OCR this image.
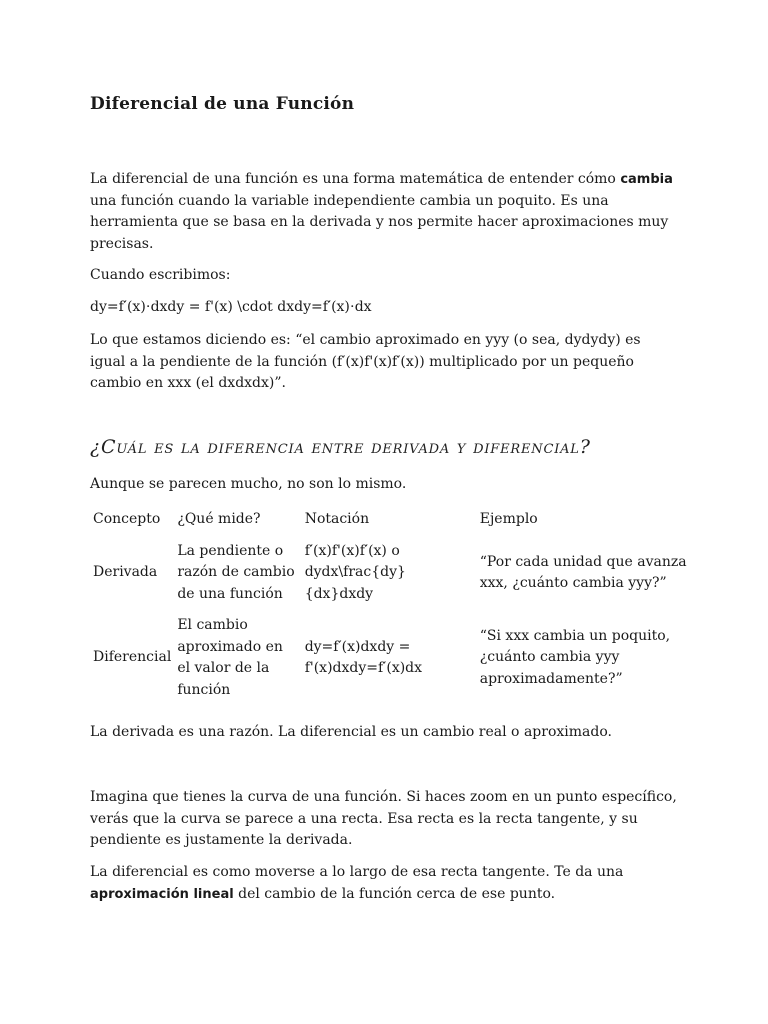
Diferencial de una Función

La diferencial de una función es una forma matemática de entender cómo cambia una función cuando la variable independiente cambia un poquito. Es una herramienta que se basa en la derivada y nos permite hacer aproximaciones muy precisas.

Cuando escribimos:

dy=f′(x)⋅dxdy = f'(x) \cdot dxdy=f′(x)⋅dx

Lo que estamos diciendo es: “el cambio aproximado en yyy (o sea, dydydy) es igual a la pendiente de la función (f′(x)f'(x)f′(x)) multiplicado por un pequeño cambio en xxx (el dxdxdx)”.

¿Cuál es la diferencia entre derivada y diferencial?

Aunque se parecen mucho, no son lo mismo.

Concepto	¿Qué mide?	Notación	Ejemplo
Derivada	La pendiente o razón de cambio de una función	f′(x)f'(x)f′(x) o dydx\frac{dy}{dx}dxdy	“Por cada unidad que avanza xxx, ¿cuánto cambia yyy?”
Diferencial	El cambio aproximado en el valor de la función	dy=f′(x)dxdy = f'(x)dxdy=f′(x)dx	“Si xxx cambia un poquito, ¿cuánto cambia yyy aproximadamente?”

La derivada es una razón. La diferencial es un cambio real o aproximado.

Imagina que tienes la curva de una función. Si haces zoom en un punto específico, verás que la curva se parece a una recta. Esa recta es la recta tangente, y su pendiente es justamente la derivada.

La diferencial es como moverse a lo largo de esa recta tangente. Te da una aproximación lineal del cambio de la función cerca de ese punto.
